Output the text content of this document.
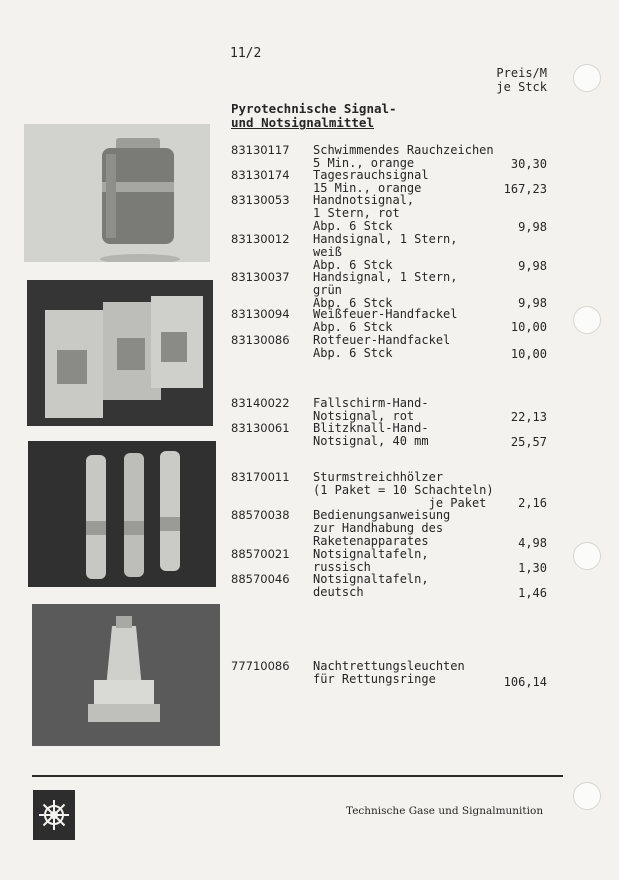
11/2
Preis/M
je Stck
Pyrotechnische Signal-
und Notsignalmittel
83130117	Schwimmendes Rauchzeichen
5 Min., orange	30,30
83130174	Tagesrauchsignal
15 Min., orange	167,23
83130053	Handnotsignal,
1 Stern, rot
Abp. 6 Stck	9,98
83130012	Handsignal, 1 Stern,
weiß
Abp. 6 Stck	9,98
83130037	Handsignal, 1 Stern,
grün
Abp. 6 Stck	9,98
83130094	Weißfeuer-Handfackel
Abp. 6 Stck	10,00
83130086	Rotfeuer-Handfackel
Abp. 6 Stck	10,00
83140022	Fallschirm-Hand-
Notsignal, rot	22,13
83130061	Blitzknall-Hand-
Notsignal, 40 mm	25,57
83170011	Sturmstreichhölzer
(1 Paket = 10 Schachteln)
je Paket	2,16
88570038	Bedienungsanweisung
zur Handhabung des
Raketenapparates	4,98
88570021	Notsignaltafeln,
russisch	1,30
88570046	Notsignaltafeln,
deutsch	1,46
77710086	Nachtrettungsleuchten
für Rettungsringe	106,14
Technische Gase und Signalmunition
